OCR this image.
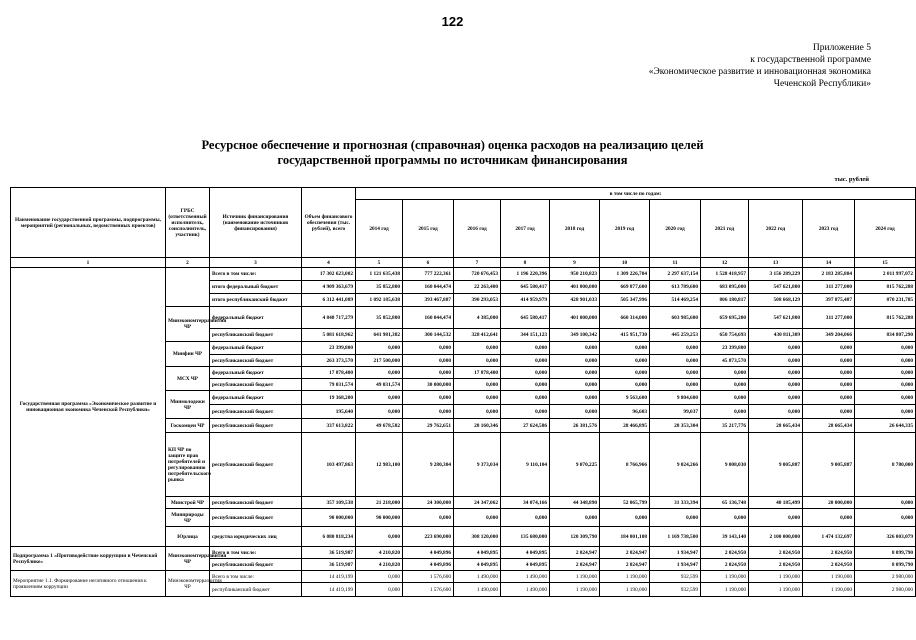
122
Приложение 5
к государственной программе
«Экономическое развитие и инновационная экономика
Чеченской Республики»
Ресурсное обеспечение и прогнозная (справочная) оценка расходов на реализацию целей
государственной программы по источникам финансирования
тыс. рублей
Наименование государственной программы, подпрограммы, мероприятий (региональных, ведомственных проектов)	ГРБС (ответственный исполнитель, соисполнитель, участник)	Источник финансирования (наименование источников финансирования)	Объем финансового обеспечения (тыс. рублей), всего	в том числе по годам:										
				2014 год	2015 год	2016 год	2017 год	2018 год	2019 год	2020 год	2021 год	2022 год	2023 год	2024 год
1	2	3	4	5	6	7	8	9	10	11	12	13	14	15
Государственная программа «Экономическое развитие и инновационная экономика Чеченской Республики»		Всего в том числе:	17 302 623,002	1 121 635,438	777 222,361	720 676,453	1 196 220,396	950 210,823	1 309 226,704	2 297 637,154	1 528 418,957	3 156 289,229	2 183 285,884	2 011 997,072
		итого федеральный бюджет	4 909 363,679	35 852,800	160 044,474	22 263,400	645 580,417	401 000,000	669 877,600	613 789,600	683 095,000	547 621,800	311 277,000	815 762,288
		итого республиканский бюджет	6 312 441,089	1 092 185,638	393 467,887	390 293,053	414 959,979	428 901,033	505 347,996	514 469,254	806 180,817	508 668,129	397 875,487	870 231,785
	Минэкономтерразвития ЧР	федеральный бюджет	4 848 717,279	35 852,800	160 044,474	4 385,000	645 580,417	401 000,000	660 314,000	603 985,600	659 695,200	547 621,800	311 277,000	815 762,288
		республиканский бюджет	5 081 618,962	641 981,382	300 144,532	328 412,641	344 151,123	349 100,342	415 951,730	445 259,253	650 754,693	430 811,309	349 204,066	834 807,290
	Минфин ЧР	федеральный бюджет	23 399,800	0,000	0,000	0,000	0,000	0,000	0,000	0,000	23 399,800	0,000	0,000	0,000
		республиканский бюджет	263 373,570	217 500,000	0,000	0,000	0,000	0,000	0,000	0,000	45 873,570	0,000	0,000	0,000
	МСХ ЧР	федеральный бюджет	17 878,400	0,000	0,000	17 878,400	0,000	0,000	0,000	0,000	0,000	0,000	0,000	0,000
		республиканский бюджет	79 031,574	49 031,574	30 000,000	0,000	0,000	0,000	0,000	0,000	0,000	0,000	0,000	0,000
	Минмолодежи ЧР	федеральный бюджет	19 368,200	0,000	0,000	0,000	0,000	0,000	9 563,600	9 804,600	0,000	0,000	0,000	0,000
		республиканский бюджет	195,640	0,000	0,000	0,000	0,000	0,000	96,603	99,037	0,000	0,000	0,000	0,000
	Госкомцен ЧР	республиканский бюджет	337 613,822	49 678,582	29 762,651	28 160,346	27 624,586	26 381,576	28 466,895	28 353,304	35 217,776	28 665,434	28 665,434	26 644,335
	КП ЧР по защите прав потребителей и регулированию потребительского рынка	республиканский бюджет	103 497,863	12 983,100	9 280,304	9 373,034	9 110,104	9 070,225	8 766,966	9 024,266	9 008,030	9 005,887	9 005,887	8 780,000
	Минстрой ЧР	республиканский бюджет	357 109,538	21 218,000	24 300,000	24 347,062	34 074,166	44 348,890	52 065,799	31 333,394	65 136,748	40 185,499	20 000,000	0,000
	Минприроды ЧР	республиканский бюджет	90 000,000	90 000,000	0,000	0,000	0,000	0,000	0,000	0,000	0,000	0,000	0,000	0,000
	Юрлица	средства юридических лиц	6 080 818,234	0,000	223 690,000	308 120,000	135 680,000	120 309,790	184 001,108	1 169 738,500	39 143,140	2 100 000,000	1 474 132,697	326 003,079
Подпрограмма 1 «Противодействие коррупции в Чеченской Республике»	Минэкономтерразвития ЧР	Всего в том числе:	36 519,987	4 210,820	4 049,896	4 049,895	4 049,895	2 024,947	2 024,947	1 934,947	2 024,950	2 024,950	2 024,950	8 099,790
		республиканский бюджет	36 519,987	4 210,820	4 049,896	4 049,895	4 049,895	2 024,947	2 024,947	1 934,947	2 024,950	2 024,950	2 024,950	8 099,790
Мероприятие 1.1. Формирование негативного отношения к проявлениям коррупции	Минэкономтерразвития ЧР	Всего в том числе:	14 419,199	0,000	1 576,600	1 490,000	1 490,000	1 190,000	1 190,000	932,599	1 190,000	1 190,000	1 190,000	2 980,000
		республиканский бюджет	14 419,199	0,000	1 576,600	1 490,000	1 490,000	1 190,000	1 190,000	932,599	1 190,000	1 190,000	1 190,000	2 980,000
